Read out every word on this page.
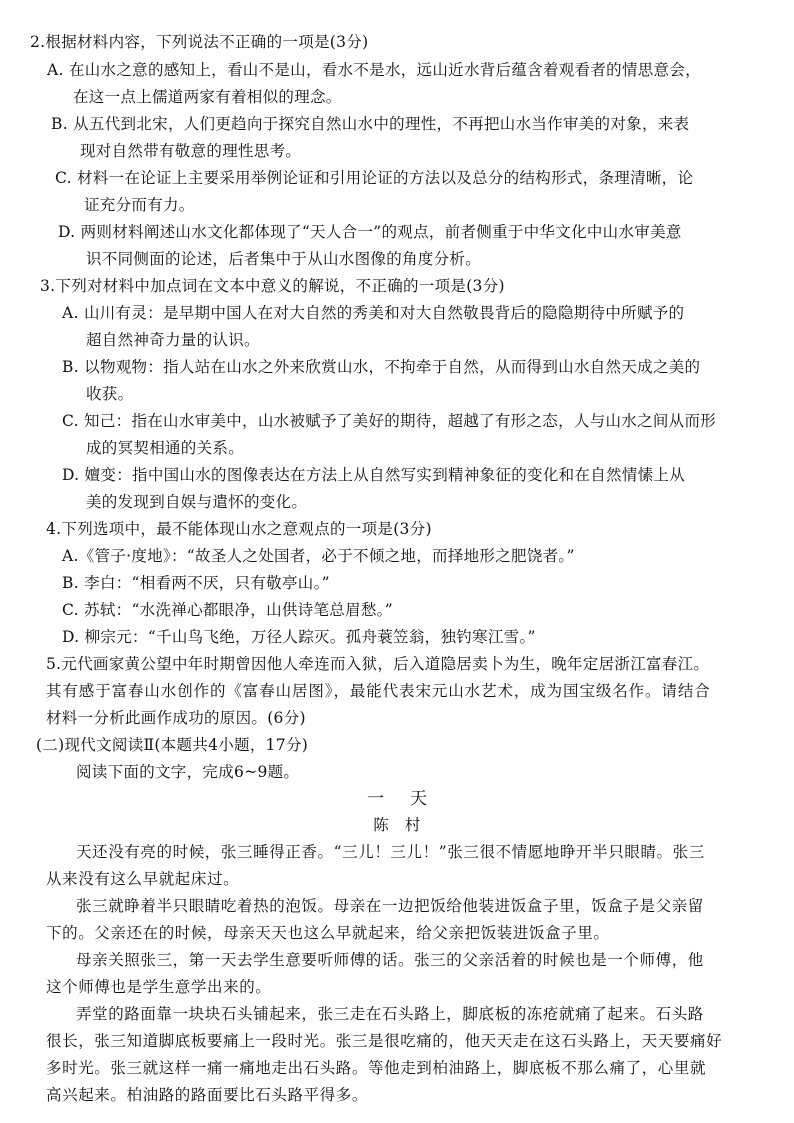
2.根据材料内容，下列说法不正确的一项是(3分)
A. 在山水之意的感知上，看山不是山，看水不是水，远山近水背后蕴含着观看者的情思意会，
在这一点上儒道两家有着相似的理念。
B. 从五代到北宋，人们更趋向于探究自然山水中的理性，不再把山水当作审美的对象，来表
现对自然带有敬意的理性思考。
C. 材料一在论证上主要采用举例论证和引用论证的方法以及总分的结构形式，条理清晰，论
证充分而有力。
D. 两则材料阐述山水文化都体现了“天人合一”的观点，前者侧重于中华文化中山水审美意
识不同侧面的论述，后者集中于从山水图像的角度分析。
3.下列对材料中加点词在文本中意义的解说，不正确的一项是(3分)
A. 山川有灵：是早期中国人在对大自然的秀美和对大自然敬畏背后的隐隐期待中所赋予的
超自然神奇力量的认识。
B. 以物观物：指人站在山水之外来欣赏山水，不拘牵于自然，从而得到山水自然天成之美的
收获。
C. 知己：指在山水审美中，山水被赋予了美好的期待，超越了有形之态，人与山水之间从而形
成的冥契相通的关系。
D. 嬗变：指中国山水的图像表达在方法上从自然写实到精神象征的变化和在自然情愫上从
美的发现到自娱与遣怀的变化。
4.下列选项中，最不能体现山水之意观点的一项是(3分)
A.《管子·度地》：“故圣人之处国者，必于不倾之地，而择地形之肥饶者。”
B. 李白：“相看两不厌，只有敬亭山。”
C. 苏轼：“水洗禅心都眼净，山供诗笔总眉愁。”
D. 柳宗元：“千山鸟飞绝，万径人踪灭。孤舟蓑笠翁，独钓寒江雪。”
5.元代画家黄公望中年时期曾因他人牵连而入狱，后入道隐居卖卜为生，晚年定居浙江富春江。
其有感于富春山水创作的《富春山居图》，最能代表宋元山水艺术，成为国宝级名作。请结合
材料一分析此画作成功的原因。(6分)
(二)现代文阅读Ⅱ(本题共4小题，17分)
阅读下面的文字，完成6~9题。
一 天
陈　村
天还没有亮的时候，张三睡得正香。“三儿！三儿！”张三很不情愿地睁开半只眼睛。张三
从来没有这么早就起床过。
张三就睁着半只眼睛吃着热的泡饭。母亲在一边把饭给他装进饭盒子里，饭盒子是父亲留
下的。父亲还在的时候，母亲天天也这么早就起来，给父亲把饭装进饭盒子里。
母亲关照张三，第一天去学生意要听师傅的话。张三的父亲活着的时候也是一个师傅，他
这个师傅也是学生意学出来的。
弄堂的路面靠一块块石头铺起来，张三走在石头路上，脚底板的冻疮就痛了起来。石头路
很长，张三知道脚底板要痛上一段时光。张三是很吃痛的，他天天走在这石头路上，天天要痛好
多时光。张三就这样一痛一痛地走出石头路。等他走到柏油路上，脚底板不那么痛了，心里就
高兴起来。柏油路的路面要比石头路平得多。
